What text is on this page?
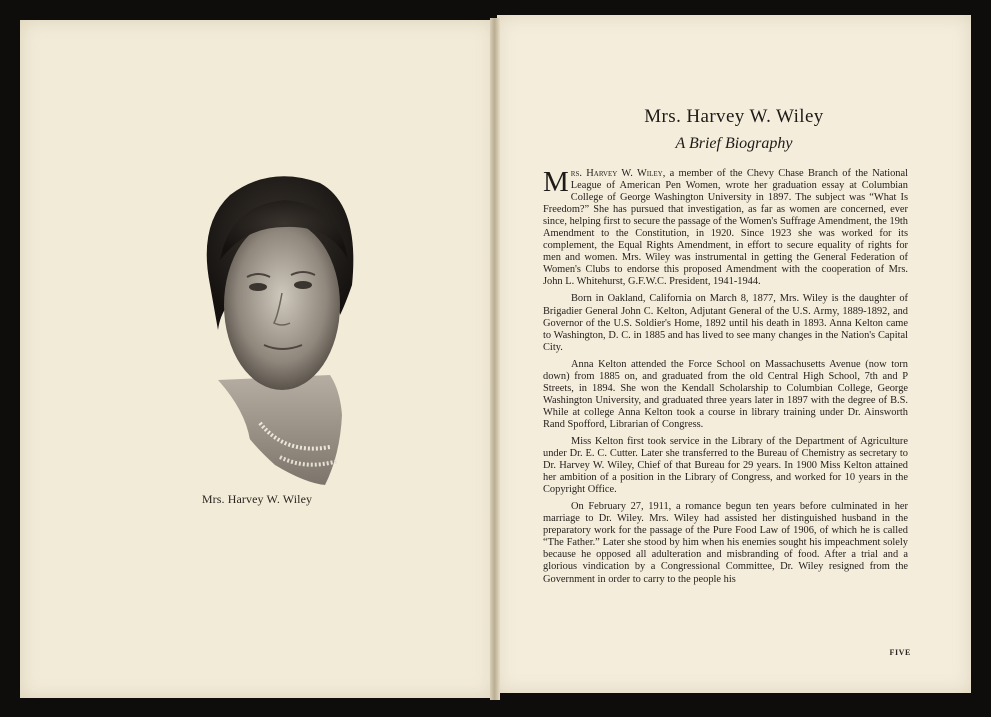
Mrs. Harvey W. Wiley
Mrs. Harvey W. Wiley
A Brief Biography

Mrs. Harvey W. Wiley, a member of the Chevy Chase Branch of the National League of American Pen Women, wrote her graduation essay at Columbian College of George Washington University in 1897. The subject was “What Is Freedom?” She has pursued that investigation, as far as women are concerned, ever since, helping first to secure the passage of the Women's Suffrage Amendment, the 19th Amendment to the Constitution, in 1920. Since 1923 she was worked for its complement, the Equal Rights Amendment, in effort to secure equality of rights for men and women. Mrs. Wiley was instrumental in getting the General Federation of Women's Clubs to endorse this proposed Amendment with the cooperation of Mrs. John L. Whitehurst, G.F.W.C. President, 1941-1944.

Born in Oakland, California on March 8, 1877, Mrs. Wiley is the daughter of Brigadier General John C. Kelton, Adjutant General of the U.S. Army, 1889-1892, and Governor of the U.S. Soldier's Home, 1892 until his death in 1893. Anna Kelton came to Washington, D. C. in 1885 and has lived to see many changes in the Nation's Capital City.

Anna Kelton attended the Force School on Massachusetts Avenue (now torn down) from 1885 on, and graduated from the old Central High School, 7th and P Streets, in 1894. She won the Kendall Scholarship to Columbian College, George Washington University, and graduated three years later in 1897 with the degree of B.S. While at college Anna Kelton took a course in library training under Dr. Ainsworth Rand Spofford, Librarian of Congress.

Miss Kelton first took service in the Library of the Department of Agriculture under Dr. E. C. Cutter. Later she transferred to the Bureau of Chemistry as secretary to Dr. Harvey W. Wiley, Chief of that Bureau for 29 years. In 1900 Miss Kelton attained her ambition of a position in the Library of Congress, and worked for 10 years in the Copyright Office.

On February 27, 1911, a romance begun ten years before culminated in her marriage to Dr. Wiley. Mrs. Wiley had assisted her distinguished husband in the preparatory work for the passage of the Pure Food Law of 1906, of which he is called “The Father.” Later she stood by him when his enemies sought his impeachment solely because he opposed all adulteration and misbranding of food. After a trial and a glorious vindication by a Congressional Committee, Dr. Wiley resigned from the Government in order to carry to the people his

FIVE
